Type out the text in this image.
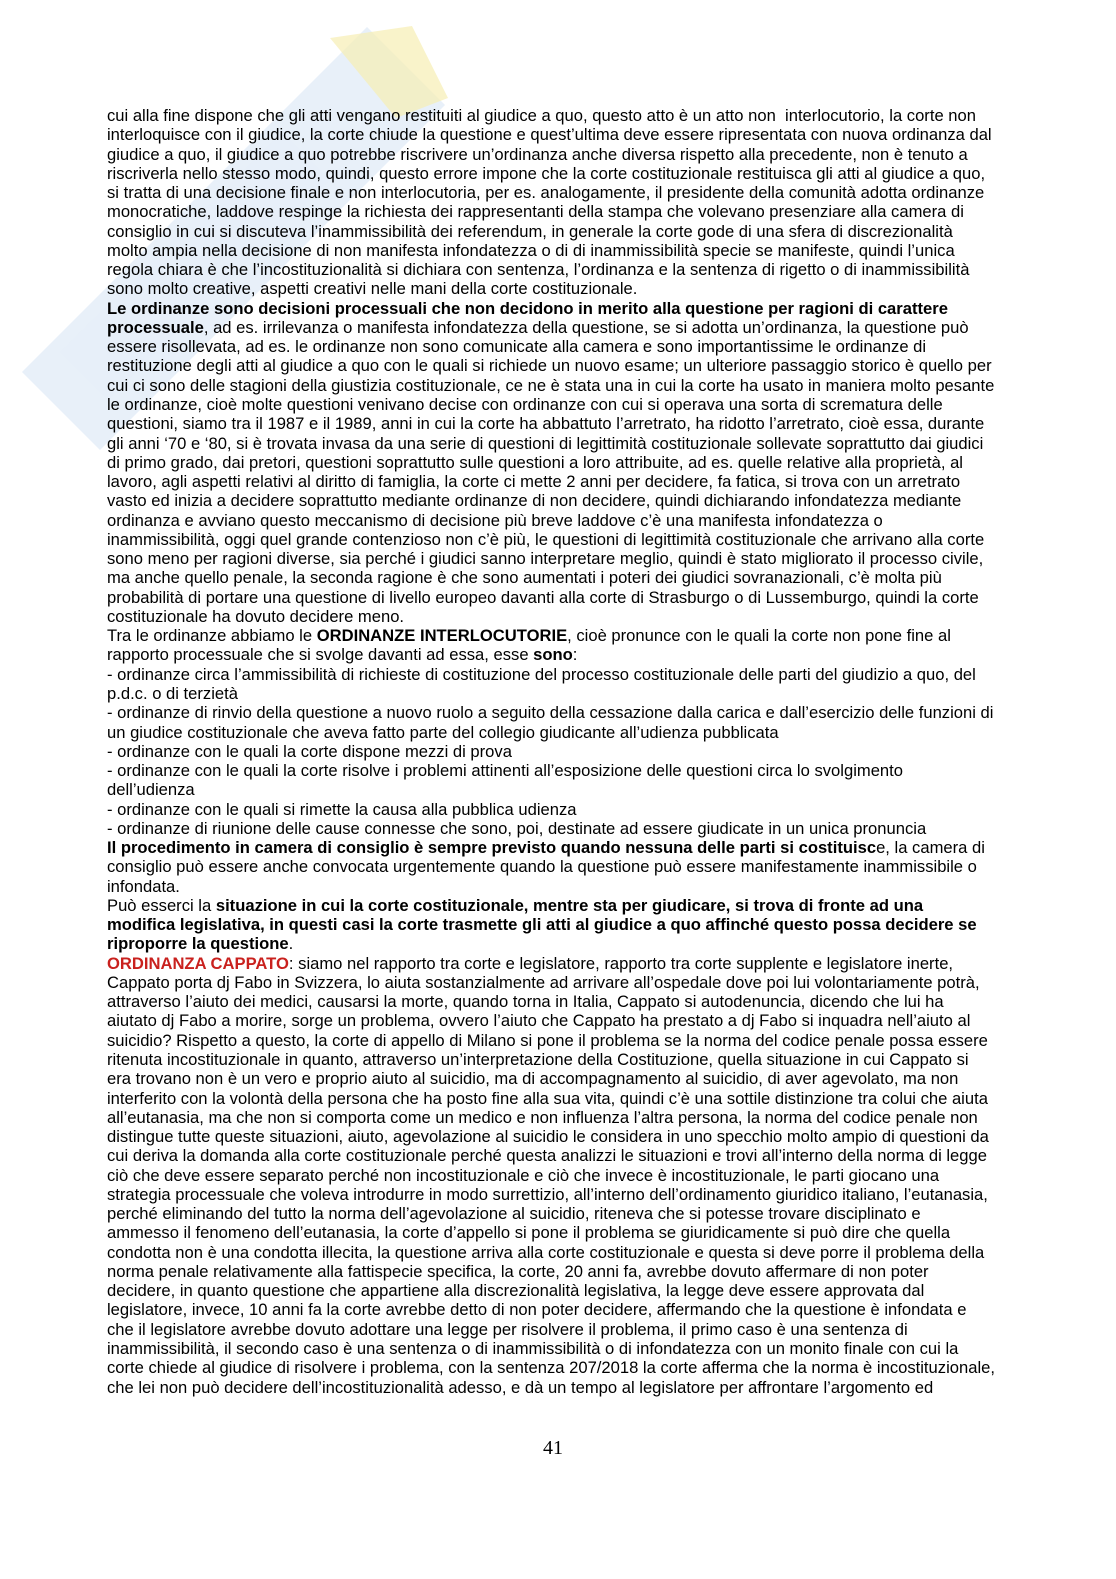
cui alla fine dispone che gli atti vengano restituiti al giudice a quo, questo atto è un atto non  interlocutorio, la corte non
interloquisce con il giudice, la corte chiude la questione e quest’ultima deve essere ripresentata con nuova ordinanza dal
giudice a quo, il giudice a quo potrebbe riscrivere un’ordinanza anche diversa rispetto alla precedente, non è tenuto a
riscriverla nello stesso modo, quindi, questo errore impone che la corte costituzionale restituisca gli atti al giudice a quo,
si tratta di una decisione finale e non interlocutoria, per es. analogamente, il presidente della comunità adotta ordinanze
monocratiche, laddove respinge la richiesta dei rappresentanti della stampa che volevano presenziare alla camera di
consiglio in cui si discuteva l’inammissibilità dei referendum, in generale la corte gode di una sfera di discrezionalità
molto ampia nella decisione di non manifesta infondatezza o di di inammissibilità specie se manifeste, quindi l’unica
regola chiara è che l’incostituzionalità si dichiara con sentenza, l’ordinanza e la sentenza di rigetto o di inammissibilità
sono molto creative, aspetti creativi nelle mani della corte costituzionale.
Le ordinanze sono decisioni processuali che non decidono in merito alla questione per ragioni di carattere
processuale, ad es. irrilevanza o manifesta infondatezza della questione, se si adotta un’ordinanza, la questione può
essere risollevata, ad es. le ordinanze non sono comunicate alla camera e sono importantissime le ordinanze di
restituzione degli atti al giudice a quo con le quali si richiede un nuovo esame; un ulteriore passaggio storico è quello per
cui ci sono delle stagioni della giustizia costituzionale, ce ne è stata una in cui la corte ha usato in maniera molto pesante
le ordinanze, cioè molte questioni venivano decise con ordinanze con cui si operava una sorta di scrematura delle
questioni, siamo tra il 1987 e il 1989, anni in cui la corte ha abbattuto l’arretrato, ha ridotto l’arretrato, cioè essa, durante
gli anni ‘70 e ‘80, si è trovata invasa da una serie di questioni di legittimità costituzionale sollevate soprattutto dai giudici
di primo grado, dai pretori, questioni soprattutto sulle questioni a loro attribuite, ad es. quelle relative alla proprietà, al
lavoro, agli aspetti relativi al diritto di famiglia, la corte ci mette 2 anni per decidere, fa fatica, si trova con un arretrato
vasto ed inizia a decidere soprattutto mediante ordinanze di non decidere, quindi dichiarando infondatezza mediante
ordinanza e avviano questo meccanismo di decisione più breve laddove c’è una manifesta infondatezza o
inammissibilità, oggi quel grande contenzioso non c’è più, le questioni di legittimità costituzionale che arrivano alla corte
sono meno per ragioni diverse, sia perché i giudici sanno interpretare meglio, quindi è stato migliorato il processo civile,
ma anche quello penale, la seconda ragione è che sono aumentati i poteri dei giudici sovranazionali, c’è molta più
probabilità di portare una questione di livello europeo davanti alla corte di Strasburgo o di Lussemburgo, quindi la corte
costituzionale ha dovuto decidere meno.
Tra le ordinanze abbiamo le ORDINANZE INTERLOCUTORIE, cioè pronunce con le quali la corte non pone fine al
rapporto processuale che si svolge davanti ad essa, esse sono:
- ordinanze circa l’ammissibilità di richieste di costituzione del processo costituzionale delle parti del giudizio a quo, del
p.d.c. o di terzietà
- ordinanze di rinvio della questione a nuovo ruolo a seguito della cessazione dalla carica e dall’esercizio delle funzioni di
un giudice costituzionale che aveva fatto parte del collegio giudicante all’udienza pubblicata
- ordinanze con le quali la corte dispone mezzi di prova
- ordinanze con le quali la corte risolve i problemi attinenti all’esposizione delle questioni circa lo svolgimento
dell’udienza
- ordinanze con le quali si rimette la causa alla pubblica udienza
- ordinanze di riunione delle cause connesse che sono, poi, destinate ad essere giudicate in un unica pronuncia
Il procedimento in camera di consiglio è sempre previsto quando nessuna delle parti si costituisce, la camera di
consiglio può essere anche convocata urgentemente quando la questione può essere manifestamente inammissibile o
infondata.
Può esserci la situazione in cui la corte costituzionale, mentre sta per giudicare, si trova di fronte ad una
modifica legislativa, in questi casi la corte trasmette gli atti al giudice a quo affinché questo possa decidere se
riproporre la questione.
ORDINANZA CAPPATO: siamo nel rapporto tra corte e legislatore, rapporto tra corte supplente e legislatore inerte,
Cappato porta dj Fabo in Svizzera, lo aiuta sostanzialmente ad arrivare all’ospedale dove poi lui volontariamente potrà,
attraverso l’aiuto dei medici, causarsi la morte, quando torna in Italia, Cappato si autodenuncia, dicendo che lui ha
aiutato dj Fabo a morire, sorge un problema, ovvero l’aiuto che Cappato ha prestato a dj Fabo si inquadra nell’aiuto al
suicidio? Rispetto a questo, la corte di appello di Milano si pone il problema se la norma del codice penale possa essere
ritenuta incostituzionale in quanto, attraverso un’interpretazione della Costituzione, quella situazione in cui Cappato si
era trovano non è un vero e proprio aiuto al suicidio, ma di accompagnamento al suicidio, di aver agevolato, ma non
interferito con la volontà della persona che ha posto fine alla sua vita, quindi c’è una sottile distinzione tra colui che aiuta
all’eutanasia, ma che non si comporta come un medico e non influenza l’altra persona, la norma del codice penale non
distingue tutte queste situazioni, aiuto, agevolazione al suicidio le considera in uno specchio molto ampio di questioni da
cui deriva la domanda alla corte costituzionale perché questa analizzi le situazioni e trovi all’interno della norma di legge
ciò che deve essere separato perché non incostituzionale e ciò che invece è incostituzionale, le parti giocano una
strategia processuale che voleva introdurre in modo surrettizio, all’interno dell’ordinamento giuridico italiano, l’eutanasia,
perché eliminando del tutto la norma dell’agevolazione al suicidio, riteneva che si potesse trovare disciplinato e
ammesso il fenomeno dell’eutanasia, la corte d’appello si pone il problema se giuridicamente si può dire che quella
condotta non è una condotta illecita, la questione arriva alla corte costituzionale e questa si deve porre il problema della
norma penale relativamente alla fattispecie specifica, la corte, 20 anni fa, avrebbe dovuto affermare di non poter
decidere, in quanto questione che appartiene alla discrezionalità legislativa, la legge deve essere approvata dal
legislatore, invece, 10 anni fa la corte avrebbe detto di non poter decidere, affermando che la questione è infondata e
che il legislatore avrebbe dovuto adottare una legge per risolvere il problema, il primo caso è una sentenza di
inammissibilità, il secondo caso è una sentenza o di inammissibilità o di infondatezza con un monito finale con cui la
corte chiede al giudice di risolvere i problema, con la sentenza 207/2018 la corte afferma che la norma è incostituzionale,
che lei non può decidere dell’incostituzionalità adesso, e dà un tempo al legislatore per affrontare l’argomento ed
41
